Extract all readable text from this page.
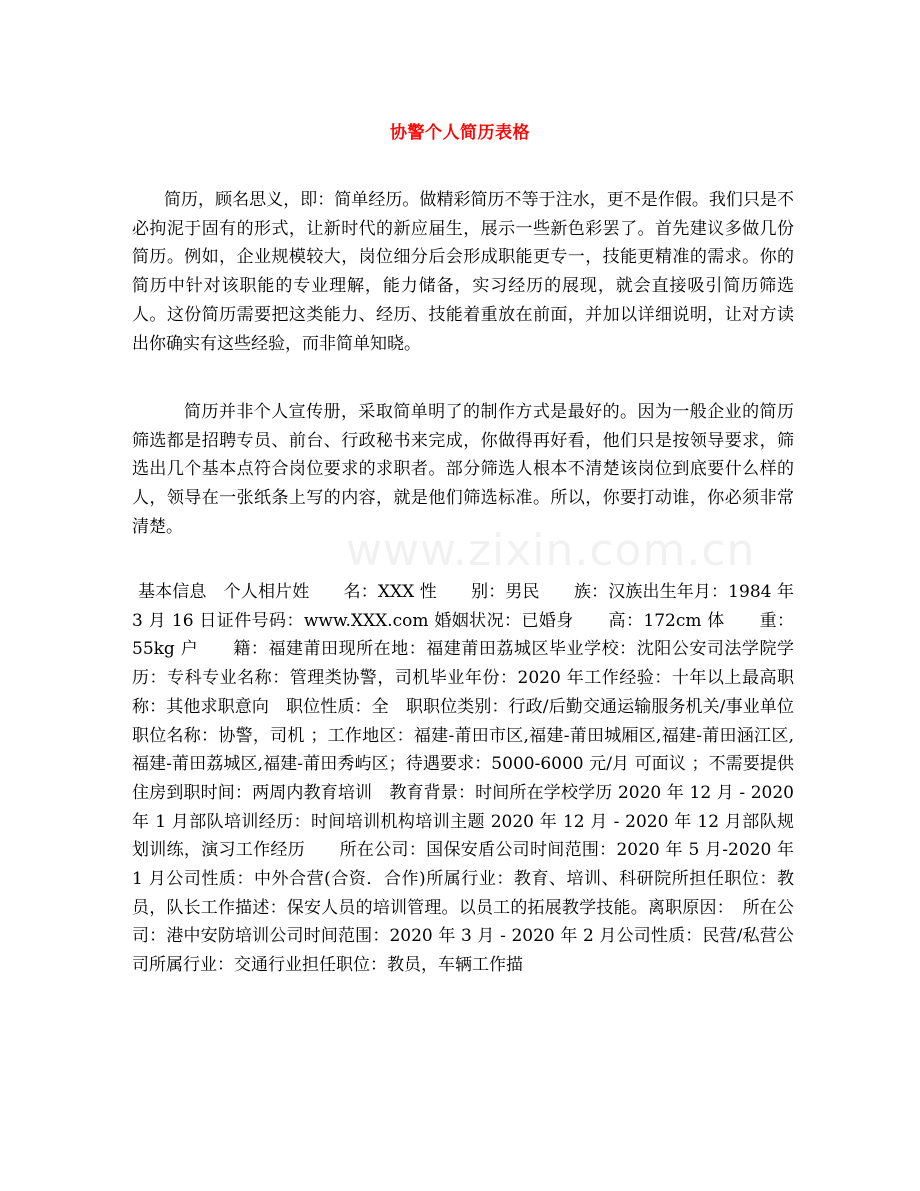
协警个人简历表格
简历，顾名思义，即：简单经历。做精彩简历不等于注水，更不是作假。我们只是不必拘泥于固有的形式，让新时代的新应届生，展示一些新色彩罢了。首先建议多做几份简历。例如，企业规模较大，岗位细分后会形成职能更专一，技能更精准的需求。你的简历中针对该职能的专业理解，能力储备，实习经历的展现，就会直接吸引简历筛选人。这份简历需要把这类能力、经历、技能着重放在前面，并加以详细说明，让对方读出你确实有这些经验，而非简单知晓。
简历并非个人宣传册，采取简单明了的制作方式是最好的。因为一般企业的简历筛选都是招聘专员、前台、行政秘书来完成，你做得再好看，他们只是按领导要求，筛选出几个基本点符合岗位要求的求职者。部分筛选人根本不清楚该岗位到底要什么样的人，领导在一张纸条上写的内容，就是他们筛选标准。所以，你要打动谁，你必须非常清楚。
基本信息　个人相片姓　　名：XXX 性　　别：男民　　族：汉族出生年月：1984 年 3 月 16 日证件号码：www.XXX.com 婚姻状况：已婚身　　高：172cm 体　　重：55kg 户　　籍：福建莆田现所在地：福建莆田荔城区毕业学校：沈阳公安司法学院学历：专科专业名称：管理类协警，司机毕业年份：2020 年工作经验：十年以上最高职称：其他求职意向　职位性质：全　职职位类别：行政/后勤交通运输服务机关/事业单位职位名称：协警，司机 ；工作地区：福建-莆田市区,福建-莆田城厢区,福建-莆田涵江区,福建-莆田荔城区,福建-莆田秀屿区；待遇要求：5000-6000 元/月 可面议 ；不需要提供住房到职时间：两周内教育培训　教育背景：时间所在学校学历 2020 年 12 月 - 2020 年 1 月部队培训经历：时间培训机构培训主题 2020 年 12 月 - 2020 年 12 月部队规划训练，演习工作经历　　所在公司：国保安盾公司时间范围：2020 年 5 月-2020 年 1 月公司性质：中外合营(合资．合作)所属行业：教育、培训、科研院所担任职位：教员，队长工作描述：保安人员的培训管理。以员工的拓展教学技能。离职原因：　所在公司：港中安防培训公司时间范围：2020 年 3 月 - 2020 年 2 月公司性质：民营/私营公司所属行业：交通行业担任职位：教员，车辆工作描
www.zixin.com.cn
